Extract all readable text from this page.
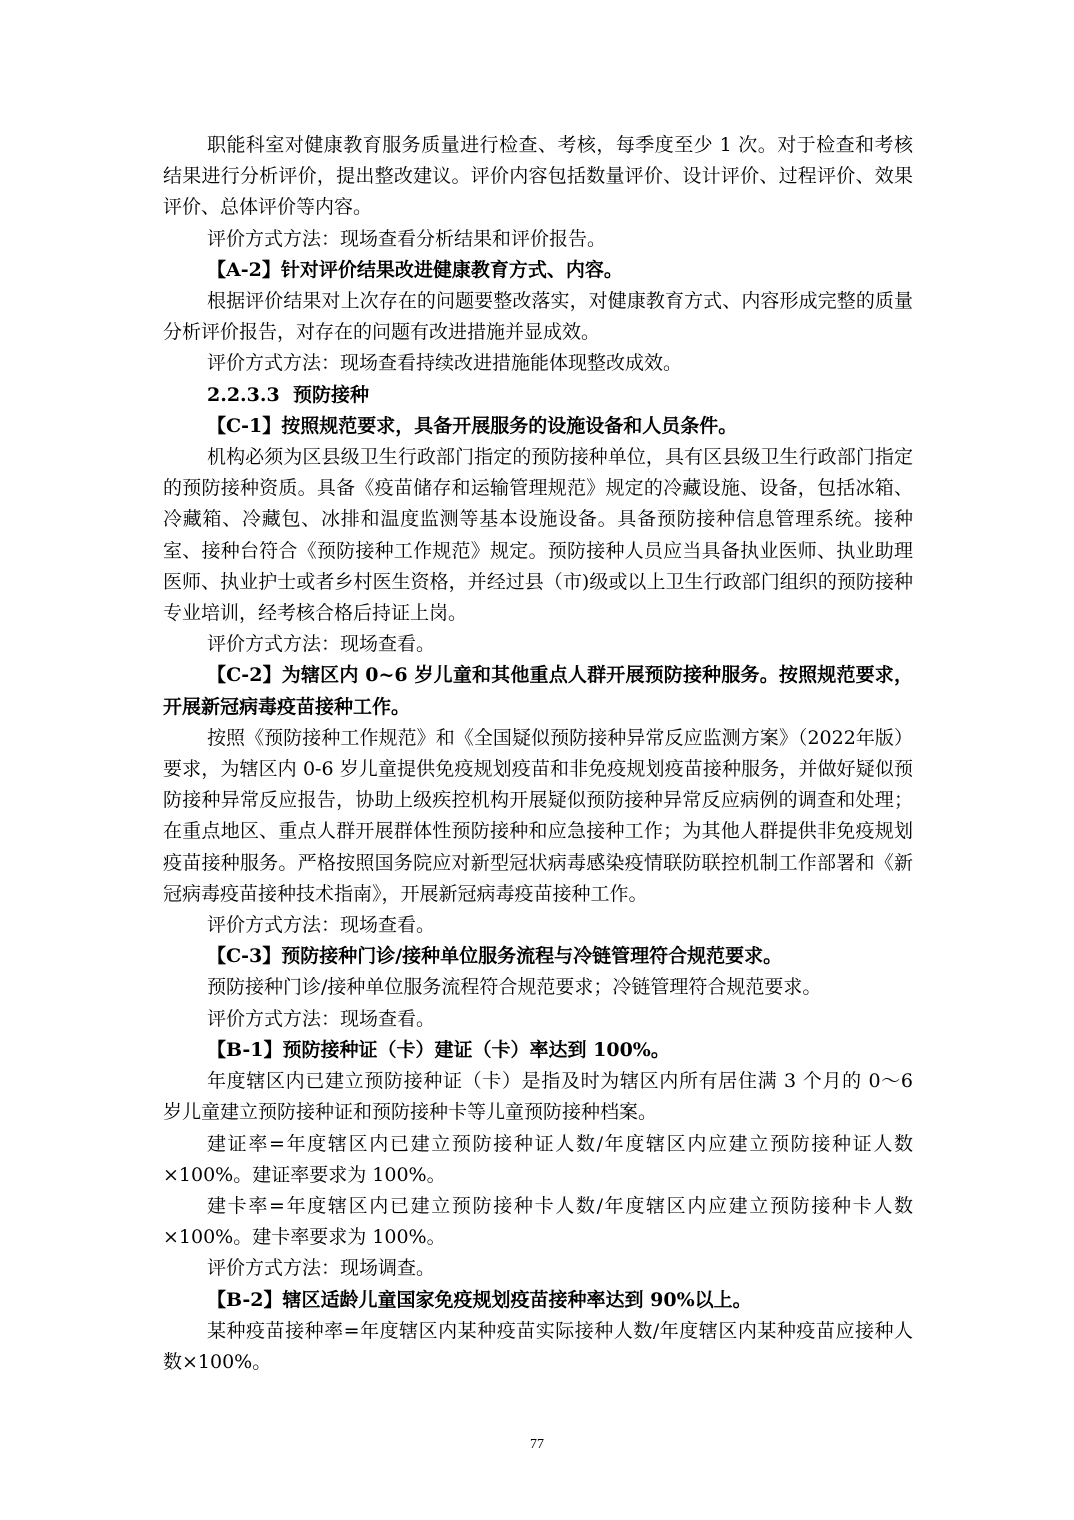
职能科室对健康教育服务质量进行检查、考核，每季度至少 1 次。对于检查和考核结果进行分析评价，提出整改建议。评价内容包括数量评价、设计评价、过程评价、效果评价、总体评价等内容。

评价方式方法：现场查看分析结果和评价报告。

【A-2】针对评价结果改进健康教育方式、内容。

根据评价结果对上次存在的问题要整改落实，对健康教育方式、内容形成完整的质量分析评价报告，对存在的问题有改进措施并显成效。

评价方式方法：现场查看持续改进措施能体现整改成效。

2.2.3.3 预防接种

【C-1】按照规范要求，具备开展服务的设施设备和人员条件。

机构必须为区县级卫生行政部门指定的预防接种单位，具有区县级卫生行政部门指定的预防接种资质。具备《疫苗储存和运输管理规范》规定的冷藏设施、设备，包括冰箱、冷藏箱、冷藏包、冰排和温度监测等基本设施设备。具备预防接种信息管理系统。接种室、接种台符合《预防接种工作规范》规定。预防接种人员应当具备执业医师、执业助理医师、执业护士或者乡村医生资格，并经过县（市)级或以上卫生行政部门组织的预防接种专业培训，经考核合格后持证上岗。

评价方式方法：现场查看。

【C-2】为辖区内 0~6 岁儿童和其他重点人群开展预防接种服务。按照规范要求，开展新冠病毒疫苗接种工作。

按照《预防接种工作规范》和《全国疑似预防接种异常反应监测方案》（2022年版）要求，为辖区内 0-6 岁儿童提供免疫规划疫苗和非免疫规划疫苗接种服务，并做好疑似预防接种异常反应报告，协助上级疾控机构开展疑似预防接种异常反应病例的调查和处理；在重点地区、重点人群开展群体性预防接种和应急接种工作；为其他人群提供非免疫规划疫苗接种服务。严格按照国务院应对新型冠状病毒感染疫情联防联控机制工作部署和《新冠病毒疫苗接种技术指南》，开展新冠病毒疫苗接种工作。

评价方式方法：现场查看。

【C-3】预防接种门诊/接种单位服务流程与冷链管理符合规范要求。

预防接种门诊/接种单位服务流程符合规范要求；冷链管理符合规范要求。

评价方式方法：现场查看。

【B-1】预防接种证（卡）建证（卡）率达到 100%。

年度辖区内已建立预防接种证（卡）是指及时为辖区内所有居住满 3 个月的 0～6 岁儿童建立预防接种证和预防接种卡等儿童预防接种档案。

建证率=年度辖区内已建立预防接种证人数/年度辖区内应建立预防接种证人数×100%。建证率要求为 100%。

建卡率=年度辖区内已建立预防接种卡人数/年度辖区内应建立预防接种卡人数×100%。建卡率要求为 100%。

评价方式方法：现场调查。

【B-2】辖区适龄儿童国家免疫规划疫苗接种率达到 90%以上。

某种疫苗接种率=年度辖区内某种疫苗实际接种人数/年度辖区内某种疫苗应接种人数×100%。

77
